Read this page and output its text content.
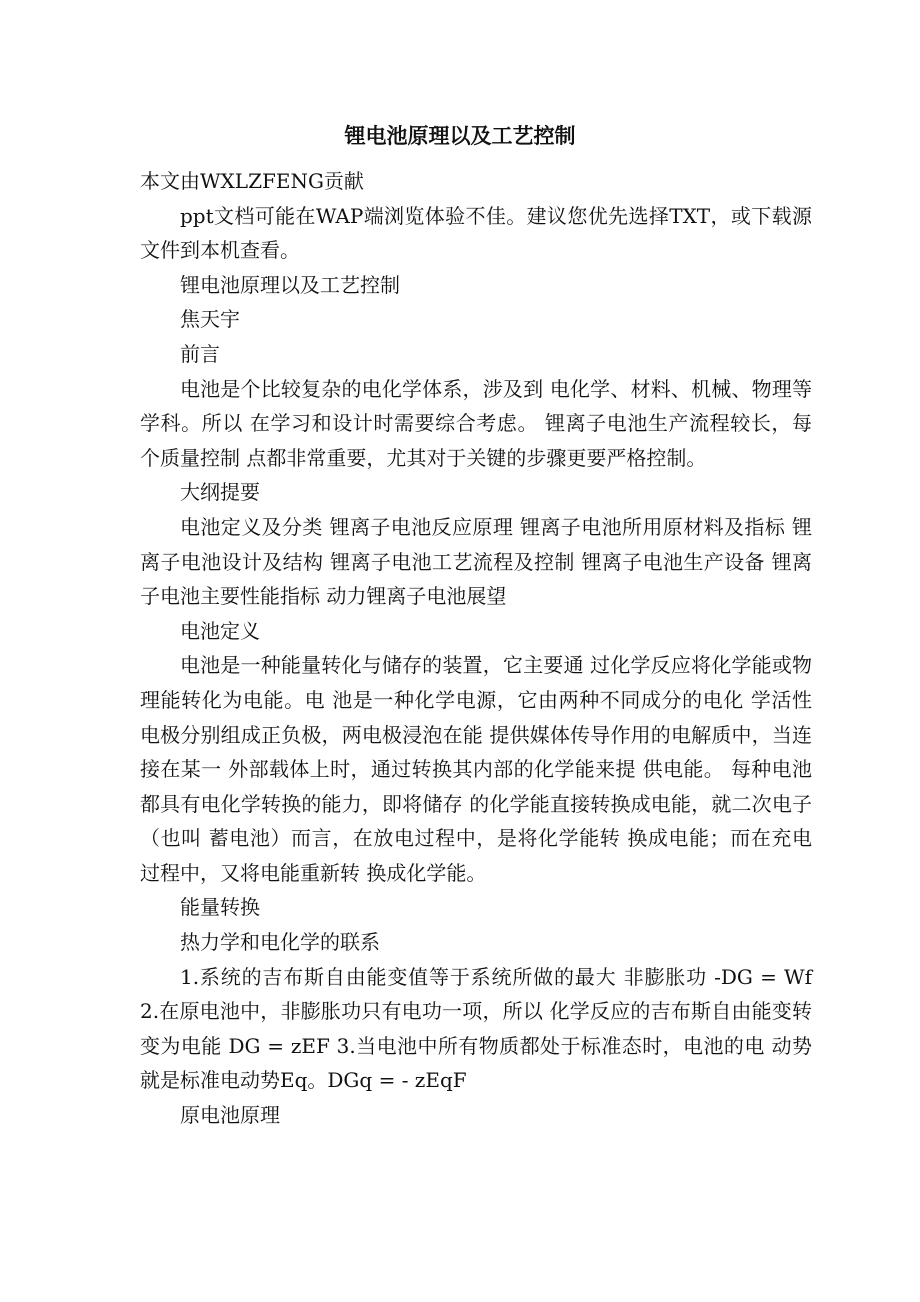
锂电池原理以及工艺控制

本文由WXLZFENG贡献

ppt文档可能在WAP端浏览体验不佳。建议您优先选择TXT，或下载源文件到本机查看。

锂电池原理以及工艺控制

焦天宇

前言

电池是个比较复杂的电化学体系，涉及到 电化学、材料、机械、物理等学科。所以 在学习和设计时需要综合考虑。 锂离子电池生产流程较长，每个质量控制 点都非常重要，尤其对于关键的步骤更要严格控制。

大纲提要

电池定义及分类 锂离子电池反应原理 锂离子电池所用原材料及指标 锂离子电池设计及结构 锂离子电池工艺流程及控制 锂离子电池生产设备 锂离子电池主要性能指标 动力锂离子电池展望

电池定义

电池是一种能量转化与储存的装置，它主要通 过化学反应将化学能或物理能转化为电能。电 池是一种化学电源，它由两种不同成分的电化 学活性电极分别组成正负极，两电极浸泡在能 提供媒体传导作用的电解质中，当连接在某一 外部载体上时，通过转换其内部的化学能来提 供电能。 每种电池都具有电化学转换的能力，即将储存 的化学能直接转换成电能，就二次电子（也叫 蓄电池）而言，在放电过程中，是将化学能转 换成电能；而在充电过程中，又将电能重新转 换成化学能。

能量转换

热力学和电化学的联系

1.系统的吉布斯自由能变值等于系统所做的最大 非膨胀功 -DG = Wf 2.在原电池中，非膨胀功只有电功一项，所以 化学反应的吉布斯自由能变转变为电能 DG = zEF 3.当电池中所有物质都处于标准态时，电池的电 动势就是标准电动势Eq。DGq = - zEqF

原电池原理
